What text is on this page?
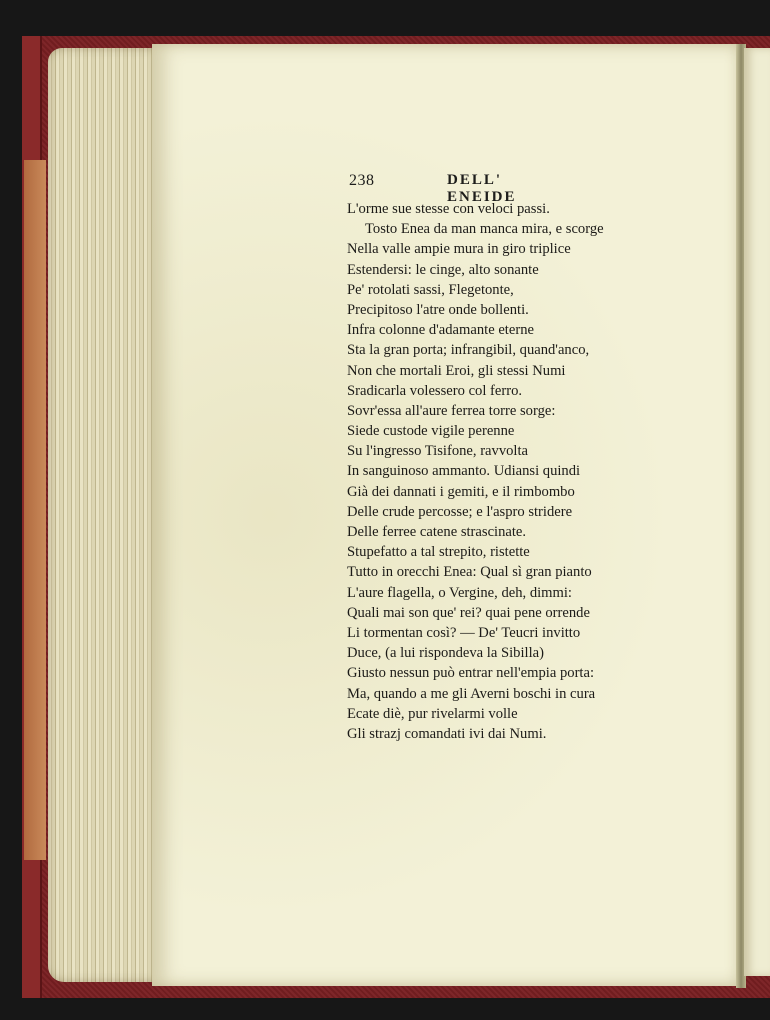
238	DELL' ENEIDE
L'orme sue stesse con veloci passi.
Tosto Enea da man manca mira, e scorge
Nella valle ampie mura in giro triplice
Estendersi: le cinge, alto sonante
Pe' rotolati sassi, Flegetonte,
Precipitoso l'atre onde bollenti.
Infra colonne d'adamante eterne
Sta la gran porta; infrangibil, quand'anco,
Non che mortali Eroi, gli stessi Numi
Sradicarla volessero col ferro.
Sovr'essa all'aure ferrea torre sorge:
Siede custode vigile perenne
Su l'ingresso Tisifone, ravvolta
In sanguinoso ammanto. Udiansi quindi
Già dei dannati i gemiti, e il rimbombo
Delle crude percosse; e l'aspro stridere
Delle ferree catene strascinate.
Stupefatto a tal strepito, ristette
Tutto in orecchi Enea: Qual sì gran pianto
L'aure flagella, o Vergine, deh, dimmi:
Quali mai son que' rei? quai pene orrende
Li tormentan così? — De' Teucri invitto
Duce, (a lui rispondeva la Sibilla)
Giusto nessun può entrar nell'empia porta:
Ma, quando a me gli Averni boschi in cura
Ecate diè, pur rivelarmi volle
Gli strazj comandati ivi dai Numi.
